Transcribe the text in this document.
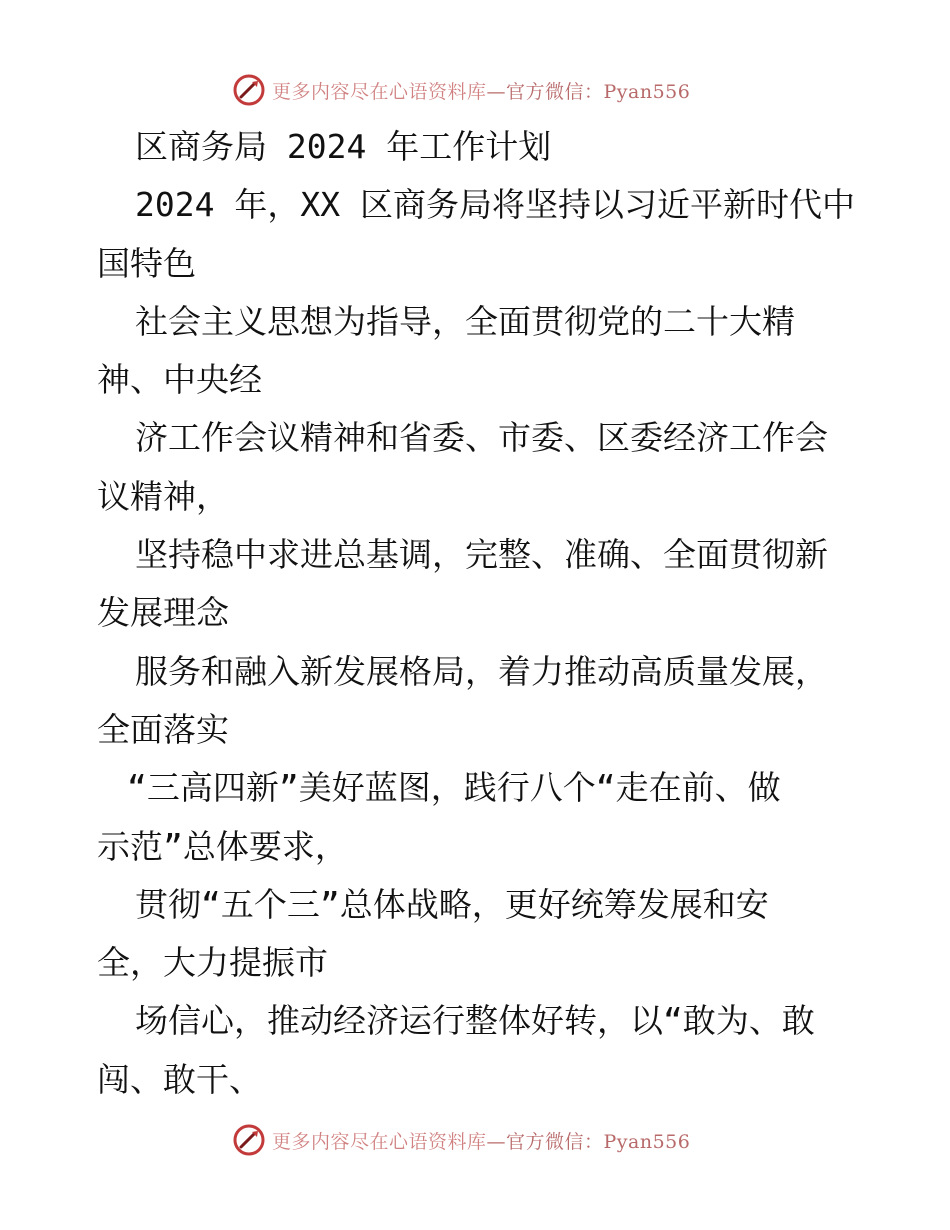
更多内容尽在心语资料库—官方微信：Pyan556
区商务局 2024 年工作计划
2024 年，XX 区商务局将坚持以习近平新时代中
国特色
社会主义思想为指导，全面贯彻党的二十大精
神、中央经
济工作会议精神和省委、市委、区委经济工作会
议精神，
坚持稳中求进总基调，完整、准确、全面贯彻新
发展理念
服务和融入新发展格局，着力推动高质量发展，
全面落实
“三高四新”美好蓝图，践行八个“走在前、做
示范”总体要求，
贯彻“五个三”总体战略，更好统筹发展和安
全，大力提振市
场信心，推动经济运行整体好转，以“敢为、敢
闯、敢干、
更多内容尽在心语资料库—官方微信：Pyan556
